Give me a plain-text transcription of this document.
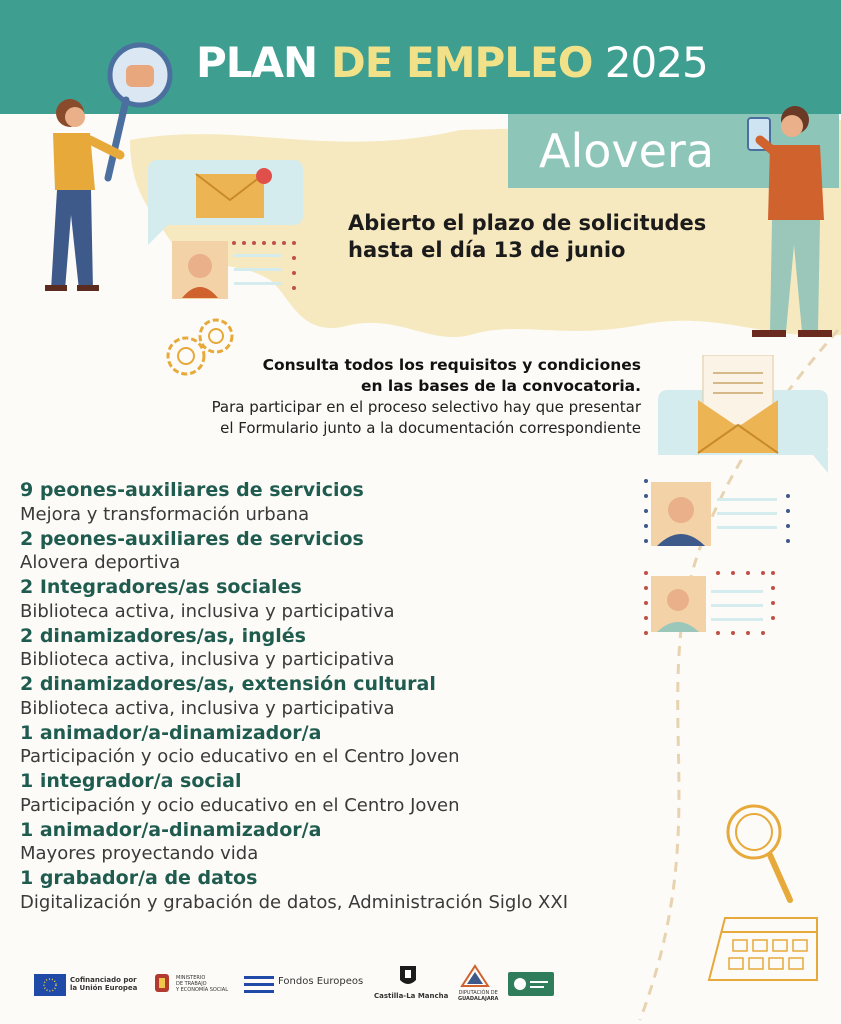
PLAN DE EMPLEO 2025
Alovera
Abierto el plazo de solicitudes
hasta el día 13 de junio
Consulta todos los requisitos y condiciones
en las bases de la convocatoria.
Para participar en el proceso selectivo hay que presentar
el Formulario junto a la documentación correspondiente
9 peones-auxiliares de servicios
Mejora y transformación urbana
2 peones-auxiliares de servicios
Alovera deportiva
2 Integradores/as sociales
Biblioteca activa, inclusiva y participativa
2 dinamizadores/as, inglés
Biblioteca activa, inclusiva y participativa
2 dinamizadores/as, extensión cultural
Biblioteca activa, inclusiva y participativa
1 animador/a-dinamizador/a
Participación y ocio educativo en el Centro Joven
1 integrador/a social
Participación y ocio educativo en el Centro Joven
1 animador/a-dinamizador/a
Mayores proyectando vida
1 grabador/a de datos
Digitalización y grabación de datos, Administración Siglo XXI
Cofinanciado por
la Unión Europea
MINISTERIO
DE TRABAJO
Y ECONOMÍA SOCIAL
Fondos Europeos
Castilla-La Mancha DIPUTACIÓN DE
GUADALAJARA
